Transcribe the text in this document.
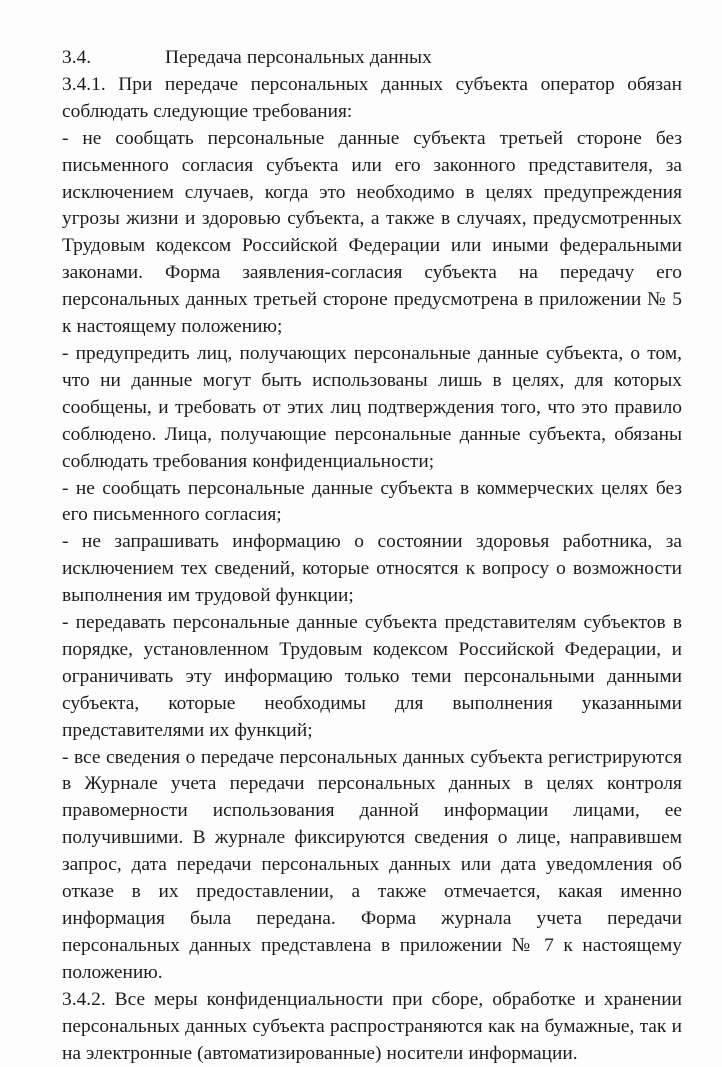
3.4.	Передача персональных данных

3.4.1. При передаче персональных данных субъекта оператор обязан соблюдать следующие требования:

- не сообщать персональные данные субъекта третьей стороне без письменного согласия субъекта или его законного представителя, за исключением случаев, когда это необходимо в целях предупреждения угрозы жизни и здоровью субъекта, а также в случаях, предусмотренных Трудовым кодексом Российской Федерации или иными федеральными законами. Форма заявления-согласия субъекта на передачу его персональных данных третьей стороне предусмотрена в приложении № 5 к настоящему положению;

- предупредить лиц, получающих персональные данные субъекта, о том, что ни данные могут быть использованы лишь в целях, для которых сообщены, и требовать от этих лиц подтверждения того, что это правило соблюдено. Лица, получающие персональные данные субъекта, обязаны соблюдать требования конфиденциальности;

- не сообщать персональные данные субъекта в коммерческих целях без его письменного согласия;

- не запрашивать информацию о состоянии здоровья работника, за исключением тех сведений, которые относятся к вопросу о возможности выполнения им трудовой функции;

- передавать персональные данные субъекта представителям субъектов в порядке, установленном Трудовым кодексом Российской Федерации, и ограничивать эту информацию только теми персональными данными субъекта, которые необходимы для выполнения указанными представителями их функций;

- все сведения о передаче персональных данных субъекта регистрируются в Журнале учета передачи персональных данных в целях контроля правомерности использования данной информации лицами, ее получившими. В журнале фиксируются сведения о лице, направившем запрос, дата передачи персональных данных или дата уведомления об отказе в их предоставлении, а также отмечается, какая именно информация была передана. Форма журнала учета передачи персональных данных представлена в приложении № 7 к настоящему положению.

3.4.2. Все меры конфиденциальности при сборе, обработке и хранении персональных данных субъекта распространяются как на бумажные, так и на электронные (автоматизированные) носители информации.
